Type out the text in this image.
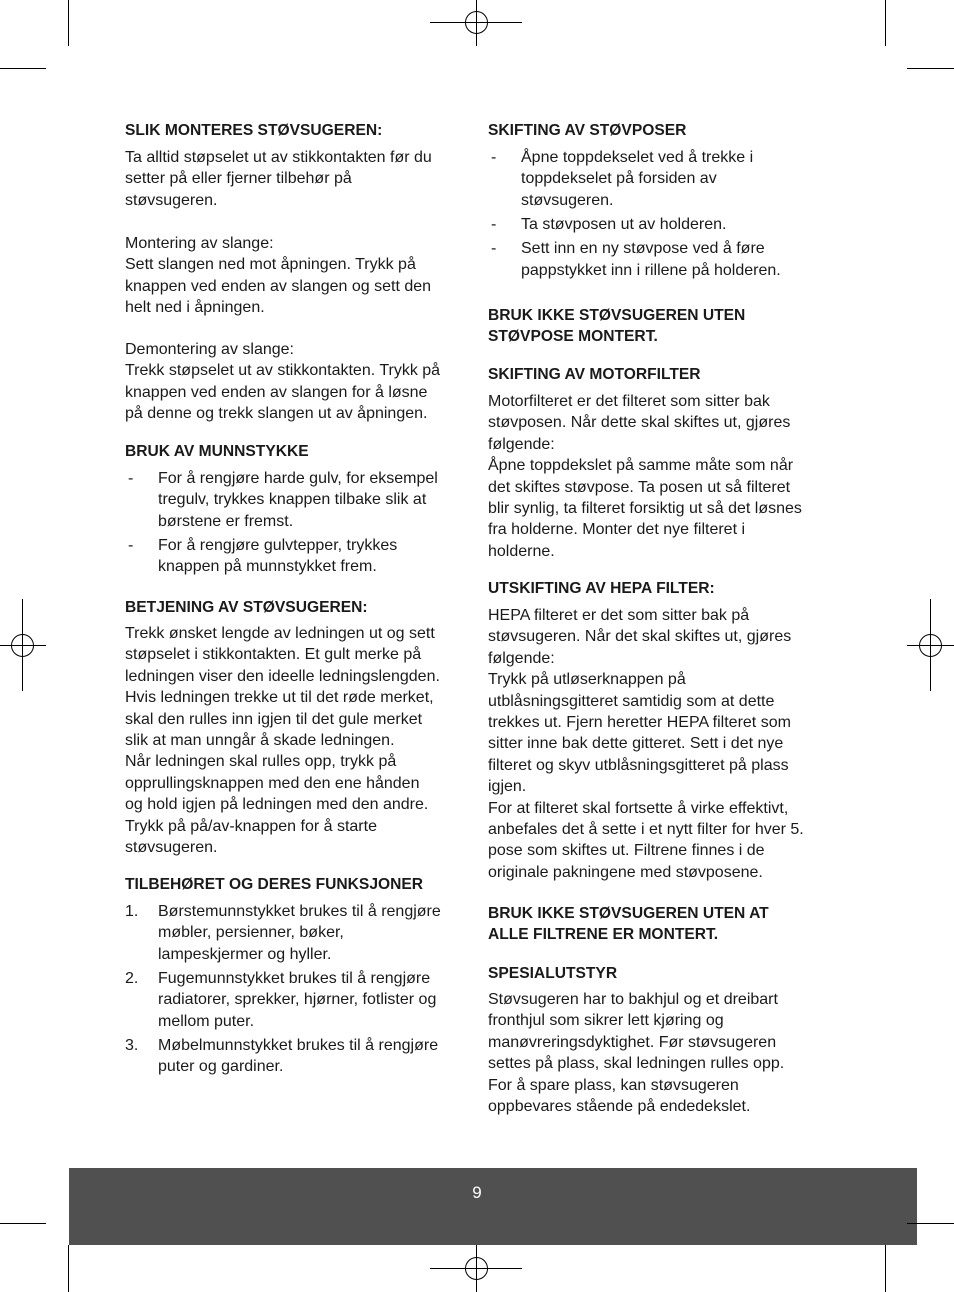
SLIK MONTERES STØVSUGEREN:
Ta alltid støpselet ut av stikkontakten før du
setter på eller fjerner tilbehør på
støvsugeren.
Montering av slange:
Sett slangen ned mot åpningen. Trykk på
knappen ved enden av slangen og sett den
helt ned i åpningen.
Demontering av slange:
Trekk støpselet ut av stikkontakten. Trykk på
knappen ved enden av slangen for å løsne
på denne og trekk slangen ut av åpningen.
BRUK AV MUNNSTYKKE
-	For å rengjøre harde gulv, for eksempel
tregulv, trykkes knappen tilbake slik at
børstene er fremst.
-	For å rengjøre gulvtepper, trykkes
knappen på munnstykket frem.
BETJENING AV STØVSUGEREN:
Trekk ønsket lengde av ledningen ut og sett
støpselet i stikkontakten. Et gult merke på
ledningen viser den ideelle ledningslengden.
Hvis ledningen trekke ut til det røde merket,
skal den rulles inn igjen til det gule merket
slik at man unngår å skade ledningen.
Når ledningen skal rulles opp, trykk på
opprullingsknappen med den ene hånden
og hold igjen på ledningen med den andre.
Trykk på på/av-knappen for å starte
støvsugeren.
TILBEHØRET OG DERES FUNKSJONER
1.	Børstemunnstykket brukes til å rengjøre
møbler, persienner, bøker,
lampeskjermer og hyller.
2.	Fugemunnstykket brukes til å rengjøre
radiatorer, sprekker, hjørner, fotlister og
mellom puter.
3.	Møbelmunnstykket brukes til å rengjøre
puter og gardiner.
SKIFTING AV STØVPOSER
-	Åpne toppdekselet ved å trekke i
toppdekselet på forsiden av
støvsugeren.
-	Ta støvposen ut av holderen.
-	Sett inn en ny støvpose ved å føre
pappstykket inn i rillene på holderen.
BRUK IKKE STØVSUGEREN UTEN
STØVPOSE MONTERT.
SKIFTING AV MOTORFILTER
Motorfilteret er det filteret som sitter bak
støvposen. Når dette skal skiftes ut, gjøres
følgende:
Åpne toppdekslet på samme måte som når
det skiftes støvpose. Ta posen ut så filteret
blir synlig, ta filteret forsiktig ut så det løsnes
fra holderne. Monter det nye filteret i
holderne.
UTSKIFTING AV HEPA FILTER:
HEPA filteret er det som sitter bak på
støvsugeren. Når det skal skiftes ut, gjøres
følgende:
Trykk på utløserknappen på
utblåsningsgitteret samtidig som at dette
trekkes ut. Fjern heretter HEPA filteret som
sitter inne bak dette gitteret. Sett i det nye
filteret og skyv utblåsningsgitteret på plass
igjen.
For at filteret skal fortsette å virke effektivt,
anbefales det å sette i et nytt filter for hver 5.
pose som skiftes ut. Filtrene finnes i de
originale pakningene med støvposene.
BRUK IKKE STØVSUGEREN UTEN AT
ALLE FILTRENE ER MONTERT.
SPESIALUTSTYR
Støvsugeren har to bakhjul og et dreibart
fronthjul som sikrer lett kjøring og
manøvreringsdyktighet. Før støvsugeren
settes på plass, skal ledningen rulles opp.
For å spare plass, kan støvsugeren
oppbevares stående på endedekslet.
9
